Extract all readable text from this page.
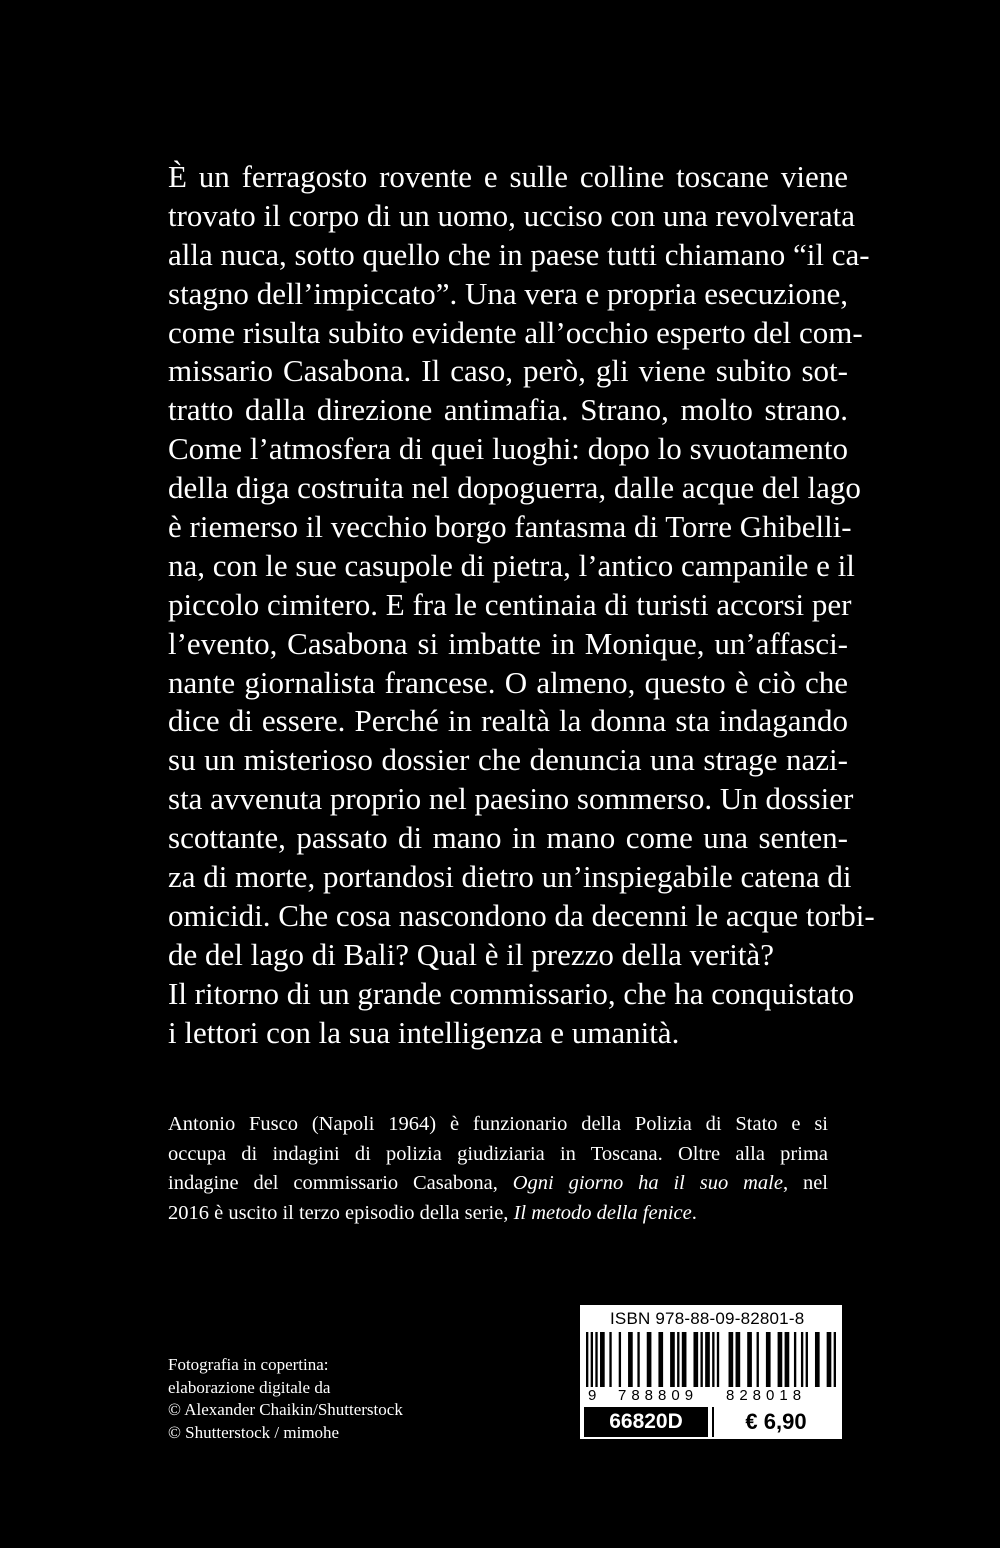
È un ferragosto rovente e sulle colline toscane viene
trovato il corpo di un uomo, ucciso con una revolverata
alla nuca, sotto quello che in paese tutti chiamano “il ca-
stagno dell’impiccato”. Una vera e propria esecuzione,
come risulta subito evidente all’occhio esperto del com-
missario Casabona. Il caso, però, gli viene subito sot-
tratto dalla direzione antimafia. Strano, molto strano.
Come l’atmosfera di quei luoghi: dopo lo svuotamento
della diga costruita nel dopoguerra, dalle acque del lago
è riemerso il vecchio borgo fantasma di Torre Ghibelli-
na, con le sue casupole di pietra, l’antico campanile e il
piccolo cimitero. E fra le centinaia di turisti accorsi per
l’evento, Casabona si imbatte in Monique, un’affasci-
nante giornalista francese. O almeno, questo è ciò che
dice di essere. Perché in realtà la donna sta indagando
su un misterioso dossier che denuncia una strage nazi-
sta avvenuta proprio nel paesino sommerso. Un dossier
scottante, passato di mano in mano come una senten-
za di morte, portandosi dietro un’inspiegabile catena di
omicidi. Che cosa nascondono da decenni le acque torbi-
de del lago di Bali? Qual è il prezzo della verità?
Il ritorno di un grande commissario, che ha conquistato
i lettori con la sua intelligenza e umanità.
Antonio Fusco (Napoli 1964) è funzionario della Polizia di Stato e si
occupa di indagini di polizia giudiziaria in Toscana. Oltre alla prima
indagine del commissario Casabona, Ogni giorno ha il suo male, nel
2016 è uscito il terzo episodio della serie, Il metodo della fenice.
Fotografia in copertina:
elaborazione digitale da
© Alexander Chaikin/Shutterstock
© Shutterstock / mimohe
ISBN 978-88-09-82801-8
9 788809 828018
66820D	€ 6,90
